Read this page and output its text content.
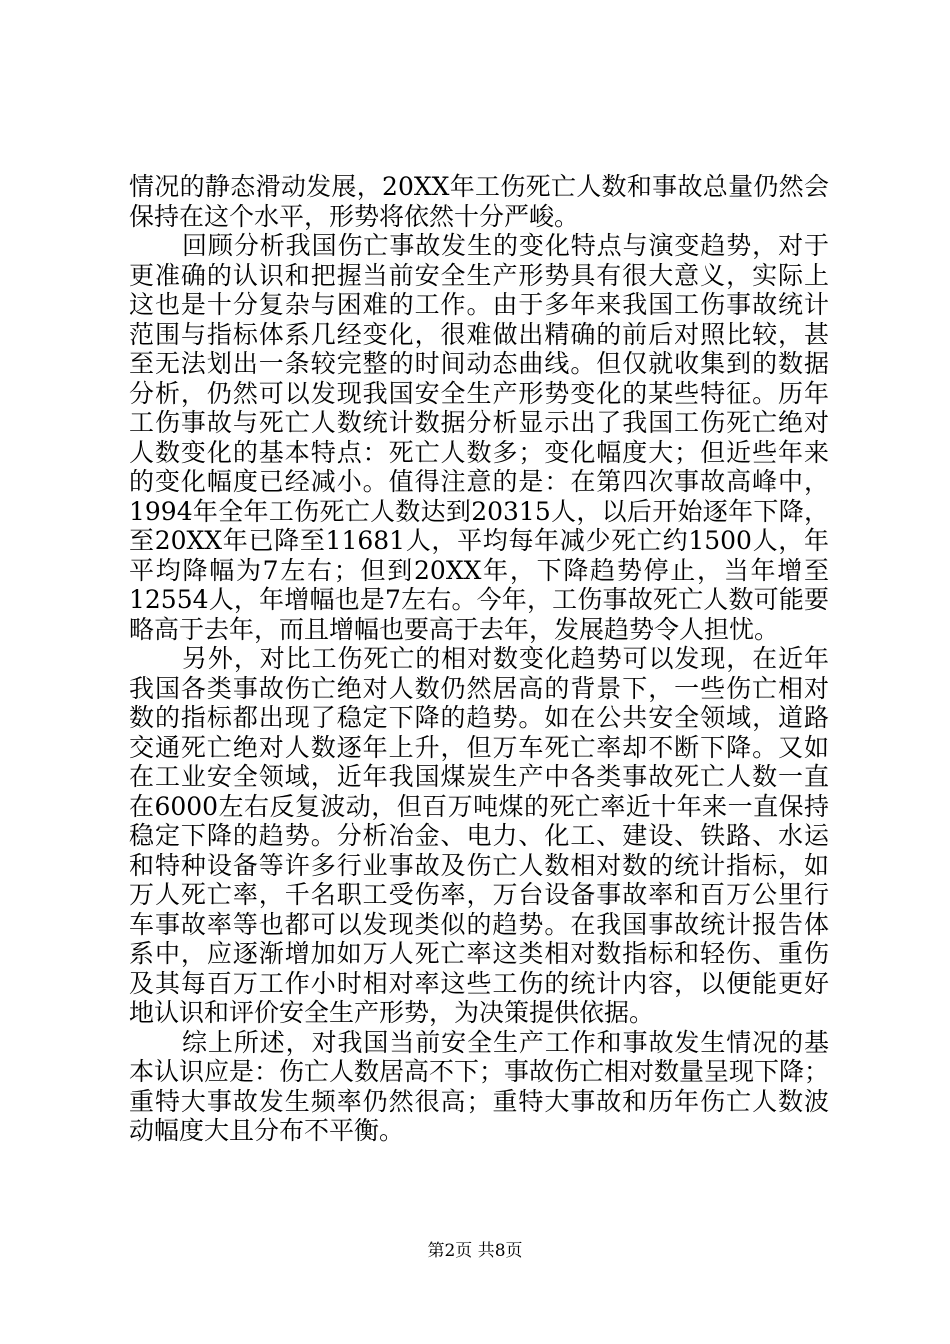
情况的静态滑动发展，20XX年工伤死亡人数和事故总量仍然会
保持在这个水平，形势将依然十分严峻。
回顾分析我国伤亡事故发生的变化特点与演变趋势，对于
更准确的认识和把握当前安全生产形势具有很大意义，实际上
这也是十分复杂与困难的工作。由于多年来我国工伤事故统计
范围与指标体系几经变化，很难做出精确的前后对照比较，甚
至无法划出一条较完整的时间动态曲线。但仅就收集到的数据
分析，仍然可以发现我国安全生产形势变化的某些特征。历年
工伤事故与死亡人数统计数据分析显示出了我国工伤死亡绝对
人数变化的基本特点：死亡人数多；变化幅度大；但近些年来
的变化幅度已经减小。值得注意的是：在第四次事故高峰中，
1994年全年工伤死亡人数达到20315人，以后开始逐年下降，
至20XX年已降至11681人，平均每年减少死亡约1500人，年
平均降幅为7左右；但到20XX年，下降趋势停止，当年增至
12554人，年增幅也是7左右。今年，工伤事故死亡人数可能要
略高于去年，而且增幅也要高于去年，发展趋势令人担忧。
另外，对比工伤死亡的相对数变化趋势可以发现，在近年
我国各类事故伤亡绝对人数仍然居高的背景下，一些伤亡相对
数的指标都出现了稳定下降的趋势。如在公共安全领域，道路
交通死亡绝对人数逐年上升，但万车死亡率却不断下降。又如
在工业安全领域，近年我国煤炭生产中各类事故死亡人数一直
在6000左右反复波动，但百万吨煤的死亡率近十年来一直保持
稳定下降的趋势。分析冶金、电力、化工、建设、铁路、水运
和特种设备等许多行业事故及伤亡人数相对数的统计指标，如
万人死亡率，千名职工受伤率，万台设备事故率和百万公里行
车事故率等也都可以发现类似的趋势。在我国事故统计报告体
系中，应逐渐增加如万人死亡率这类相对数指标和轻伤、重伤
及其每百万工作小时相对率这些工伤的统计内容，以便能更好
地认识和评价安全生产形势，为决策提供依据。
综上所述，对我国当前安全生产工作和事故发生情况的基
本认识应是：伤亡人数居高不下；事故伤亡相对数量呈现下降；
重特大事故发生频率仍然很高；重特大事故和历年伤亡人数波
动幅度大且分布不平衡。
第2页 共8页
